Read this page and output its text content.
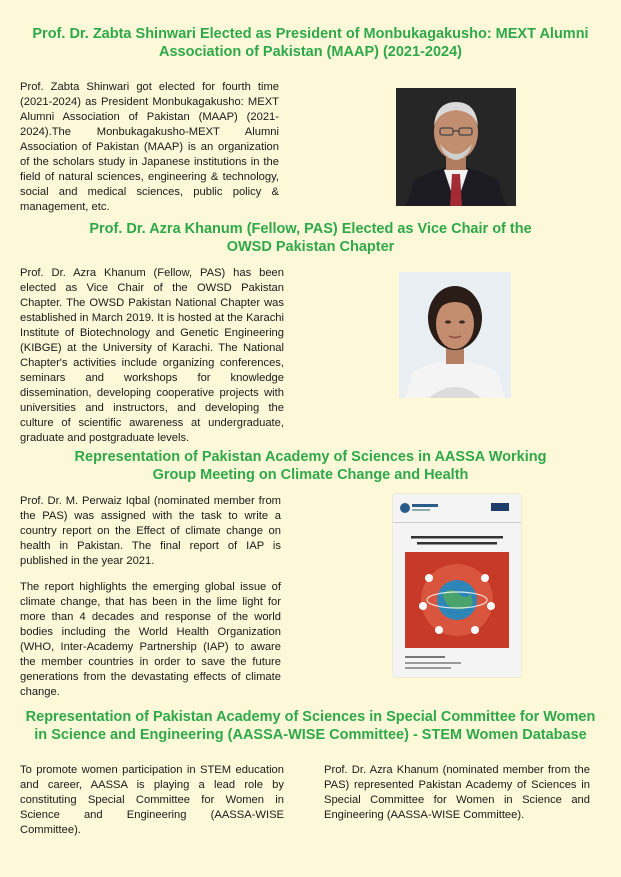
Prof. Dr. Zabta Shinwari Elected as President of Monbukagakusho: MEXT Alumni
Association of Pakistan (MAAP) (2021-2024)

Prof. Zabta Shinwari got elected for fourth time (2021-2024) as President Monbukagakusho: MEXT Alumni Association of Pakistan (MAAP) (2021-2024).The Monbukagakusho-MEXT Alumni Association of Pakistan (MAAP) is an organization of the scholars study in Japanese institutions in the field of natural sciences, engineering & technology, social and medical sciences, public policy & management, etc.

Prof. Dr. Azra Khanum (Fellow, PAS) Elected as Vice Chair of the
OWSD Pakistan Chapter

Prof. Dr. Azra Khanum (Fellow, PAS) has been elected as Vice Chair of the OWSD Pakistan Chapter. The OWSD Pakistan National Chapter was established in March 2019. It is hosted at the Karachi Institute of Biotechnology and Genetic Engineering (KIBGE) at the University of Karachi. The National Chapter's activities include organizing conferences, seminars and workshops for knowledge dissemination, developing cooperative projects with universities and instructors, and developing the culture of scientific awareness at undergraduate, graduate and postgraduate levels.

Representation of Pakistan Academy of Sciences in AASSA Working
Group Meeting on Climate Change and Health

Prof. Dr. M. Perwaiz Iqbal (nominated member from the PAS) was assigned with the task to write a country report on the Effect of climate change on health in Pakistan. The final report of IAP is published in the year 2021.

The report highlights the emerging global issue of climate change, that has been in the lime light for more than 4 decades and response of the world bodies including the World Health Organization (WHO, Inter-Academy Partnership (IAP) to aware the member countries in order to save the future generations from the devastating effects of climate change.

Representation of Pakistan Academy of Sciences in Special Committee for Women
in Science and Engineering (AASSA-WISE Committee) - STEM Women Database

To promote women participation in STEM education and career, AASSA is playing a lead role by constituting Special Committee for Women in Science and Engineering (AASSA-WISE Committee).

Prof. Dr. Azra Khanum (nominated member from the PAS) represented Pakistan Academy of Sciences in Special Committee for Women in Science and Engineering (AASSA-WISE Committee).
